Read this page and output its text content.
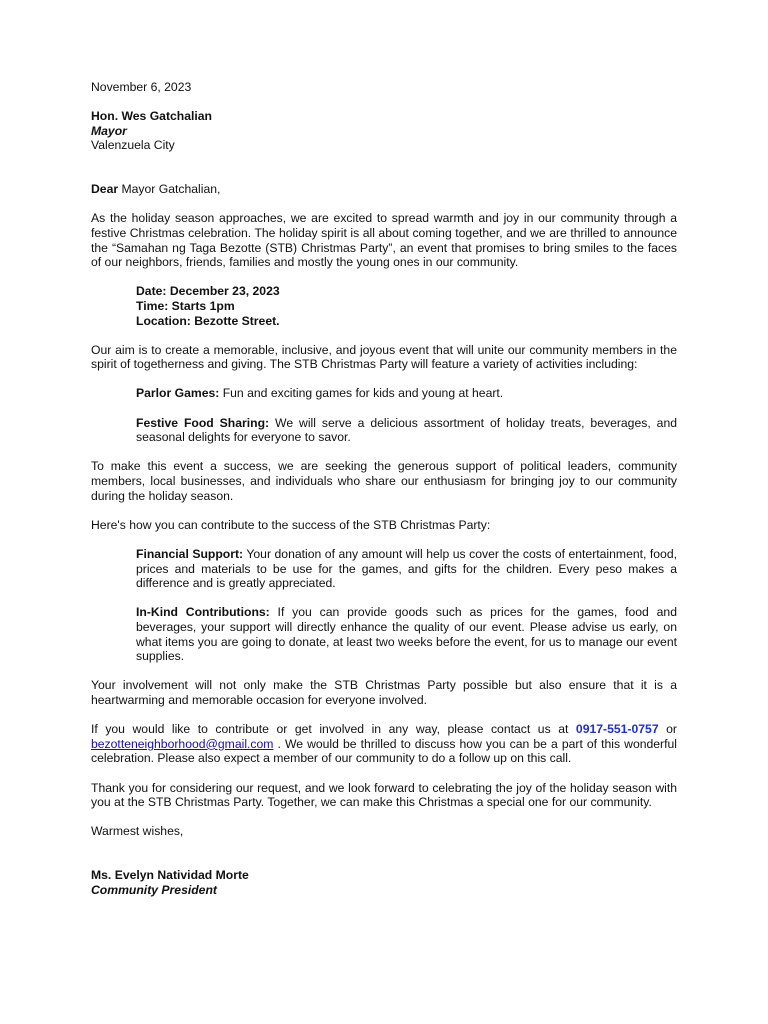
November 6, 2023

Hon. Wes Gatchalian

Mayor

Valenzuela City

Dear Mayor Gatchalian,

As the holiday season approaches, we are excited to spread warmth and joy in our community through a festive Christmas celebration. The holiday spirit is all about coming together, and we are thrilled to announce the “Samahan ng Taga Bezotte (STB) Christmas Party”, an event that promises to bring smiles to the faces of our neighbors, friends, families and mostly the young ones in our community.

Date: December 23, 2023

Time: Starts 1pm

Location: Bezotte Street.

Our aim is to create a memorable, inclusive, and joyous event that will unite our community members in the spirit of togetherness and giving. The STB Christmas Party will feature a variety of activities including:

Parlor Games: Fun and exciting games for kids and young at heart.

Festive Food Sharing: We will serve a delicious assortment of holiday treats, beverages, and seasonal delights for everyone to savor.

To make this event a success, we are seeking the generous support of political leaders, community members, local businesses, and individuals who share our enthusiasm for bringing joy to our community during the holiday season.

Here's how you can contribute to the success of the STB Christmas Party:

Financial Support: Your donation of any amount will help us cover the costs of entertainment, food, prices and materials to be use for the games, and gifts for the children. Every peso makes a difference and is greatly appreciated.

In-Kind Contributions: If you can provide goods such as prices for the games, food and beverages, your support will directly enhance the quality of our event. Please advise us early, on what items you are going to donate, at least two weeks before the event, for us to manage our event supplies.

Your involvement will not only make the STB Christmas Party possible but also ensure that it is a heartwarming and memorable occasion for everyone involved.

If you would like to contribute or get involved in any way, please contact us at 0917-551-0757 or bezotteneighborhood@gmail.com . We would be thrilled to discuss how you can be a part of this wonderful celebration. Please also expect a member of our community to do a follow up on this call.

Thank you for considering our request, and we look forward to celebrating the joy of the holiday season with you at the STB Christmas Party. Together, we can make this Christmas a special one for our community.

Warmest wishes,

Ms. Evelyn Natividad Morte

Community President
